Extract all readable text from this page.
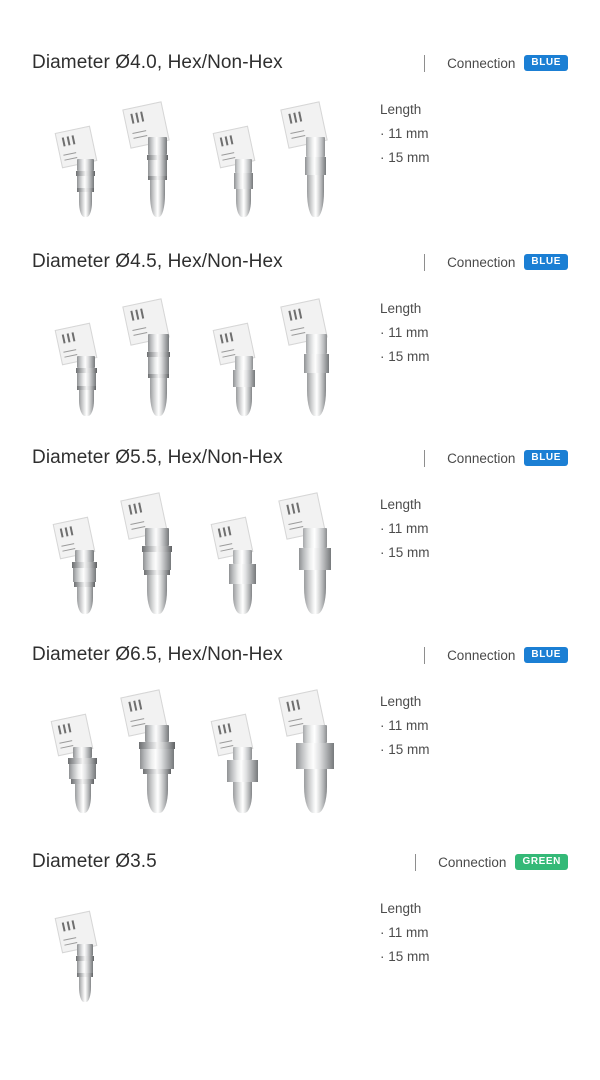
Diameter Ø4.0, Hex/Non-Hex	Connection	BLUE
Length
· 11 mm
· 15 mm
Diameter Ø4.5, Hex/Non-Hex	Connection	BLUE
Length
· 11 mm
· 15 mm
Diameter Ø5.5, Hex/Non-Hex	Connection	BLUE
Length
· 11 mm
· 15 mm
Diameter Ø6.5, Hex/Non-Hex	Connection	BLUE
Length
· 11 mm
· 15 mm
Diameter Ø3.5	Connection	GREEN
Length
· 11 mm
· 15 mm
